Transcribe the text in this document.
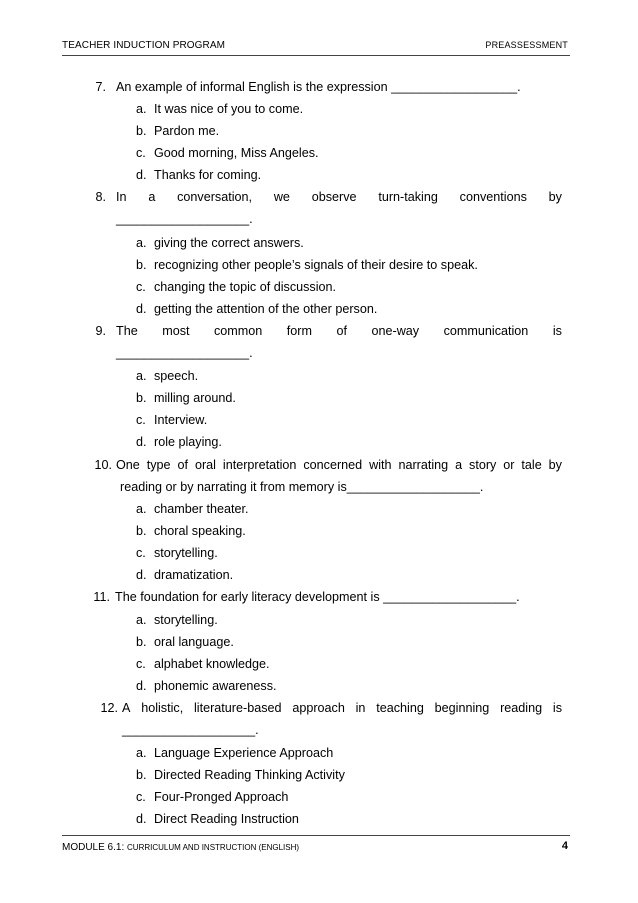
TEACHER INDUCTION PROGRAM	PREASSESSMENT
7. An example of informal English is the expression __________________.
a. It was nice of you to come.
b. Pardon me.
c. Good morning, Miss Angeles.
d. Thanks for coming.
8. In a conversation, we observe turn-taking conventions by
___________________.
a. giving the correct answers.
b. recognizing other people’s signals of their desire to speak.
c. changing the topic of discussion.
d. getting the attention of the other person.
9. The most common form of one-way communication is
___________________.
a. speech.
b. milling around.
c. Interview.
d. role playing.
10. One type of oral interpretation concerned with narrating a story or tale by
reading or by narrating it from memory is___________________.
a. chamber theater.
b. choral speaking.
c. storytelling.
d. dramatization.
11. The foundation for early literacy development is ___________________.
a. storytelling.
b. oral language.
c. alphabet knowledge.
d. phonemic awareness.
12. A holistic, literature-based approach in teaching beginning reading is
___________________.
a. Language Experience Approach
b. Directed Reading Thinking Activity
c. Four-Pronged Approach
d. Direct Reading Instruction
MODULE 6.1: CURRICULUM AND INSTRUCTION (ENGLISH)	4
